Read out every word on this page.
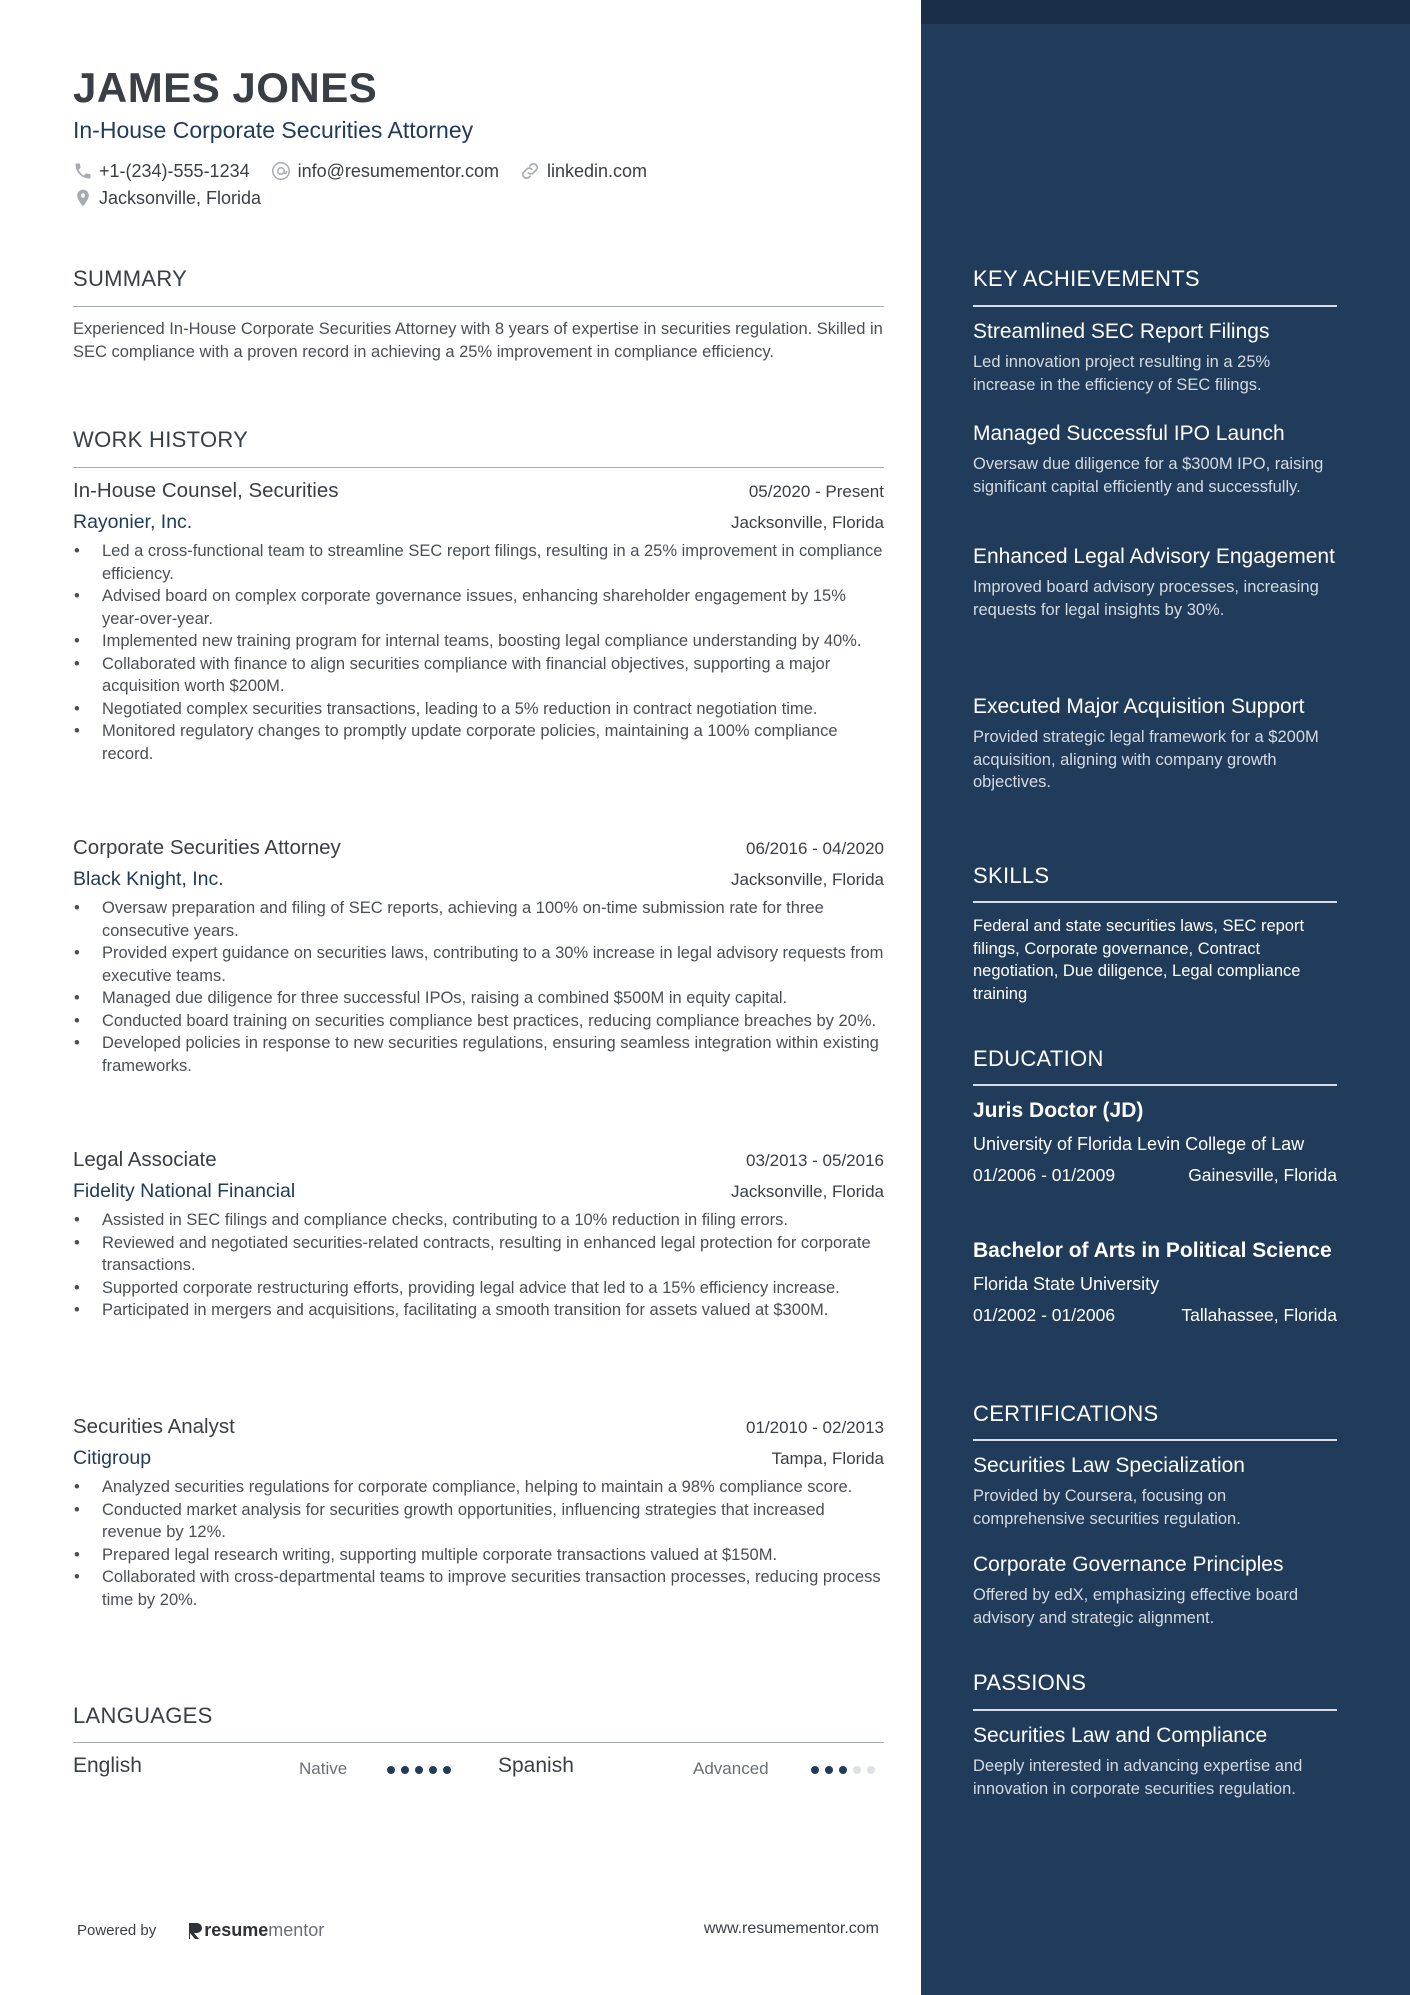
JAMES JONES
In-House Corporate Securities Attorney
+1-(234)-555-1234	info@resumementor.com	linkedin.com
Jacksonville, Florida
SUMMARY
Experienced In-House Corporate Securities Attorney with 8 years of expertise in securities regulation. Skilled in SEC compliance with a proven record in achieving a 25% improvement in compliance efficiency.
WORK HISTORY
In-House Counsel, Securities	05/2020 - Present
Rayonier, Inc.	Jacksonville, Florida
• Led a cross-functional team to streamline SEC report filings, resulting in a 25% improvement in compliance efficiency.
• Advised board on complex corporate governance issues, enhancing shareholder engagement by 15% year-over-year.
• Implemented new training program for internal teams, boosting legal compliance understanding by 40%.
• Collaborated with finance to align securities compliance with financial objectives, supporting a major acquisition worth $200M.
• Negotiated complex securities transactions, leading to a 5% reduction in contract negotiation time.
• Monitored regulatory changes to promptly update corporate policies, maintaining a 100% compliance record.
Corporate Securities Attorney	06/2016 - 04/2020
Black Knight, Inc.	Jacksonville, Florida
• Oversaw preparation and filing of SEC reports, achieving a 100% on-time submission rate for three consecutive years.
• Provided expert guidance on securities laws, contributing to a 30% increase in legal advisory requests from executive teams.
• Managed due diligence for three successful IPOs, raising a combined $500M in equity capital.
• Conducted board training on securities compliance best practices, reducing compliance breaches by 20%.
• Developed policies in response to new securities regulations, ensuring seamless integration within existing frameworks.
Legal Associate	03/2013 - 05/2016
Fidelity National Financial	Jacksonville, Florida
• Assisted in SEC filings and compliance checks, contributing to a 10% reduction in filing errors.
• Reviewed and negotiated securities-related contracts, resulting in enhanced legal protection for corporate transactions.
• Supported corporate restructuring efforts, providing legal advice that led to a 15% efficiency increase.
• Participated in mergers and acquisitions, facilitating a smooth transition for assets valued at $300M.
Securities Analyst	01/2010 - 02/2013
Citigroup	Tampa, Florida
• Analyzed securities regulations for corporate compliance, helping to maintain a 98% compliance score.
• Conducted market analysis for securities growth opportunities, influencing strategies that increased revenue by 12%.
• Prepared legal research writing, supporting multiple corporate transactions valued at $150M.
• Collaborated with cross-departmental teams to improve securities transaction processes, reducing process time by 20%.
LANGUAGES
English	Native	Spanish	Advanced
Powered by	resume mentor	www.resumementor.com
KEY ACHIEVEMENTS
Streamlined SEC Report Filings
Led innovation project resulting in a 25% increase in the efficiency of SEC filings.
Managed Successful IPO Launch
Oversaw due diligence for a $300M IPO, raising significant capital efficiently and successfully.
Enhanced Legal Advisory Engagement
Improved board advisory processes, increasing requests for legal insights by 30%.
Executed Major Acquisition Support
Provided strategic legal framework for a $200M acquisition, aligning with company growth objectives.
SKILLS
Federal and state securities laws, SEC report filings, Corporate governance, Contract negotiation, Due diligence, Legal compliance training
EDUCATION
Juris Doctor (JD)
University of Florida Levin College of Law
01/2006 - 01/2009	Gainesville, Florida
Bachelor of Arts in Political Science
Florida State University
01/2002 - 01/2006	Tallahassee, Florida
CERTIFICATIONS
Securities Law Specialization
Provided by Coursera, focusing on comprehensive securities regulation.
Corporate Governance Principles
Offered by edX, emphasizing effective board advisory and strategic alignment.
PASSIONS
Securities Law and Compliance
Deeply interested in advancing expertise and innovation in corporate securities regulation.
